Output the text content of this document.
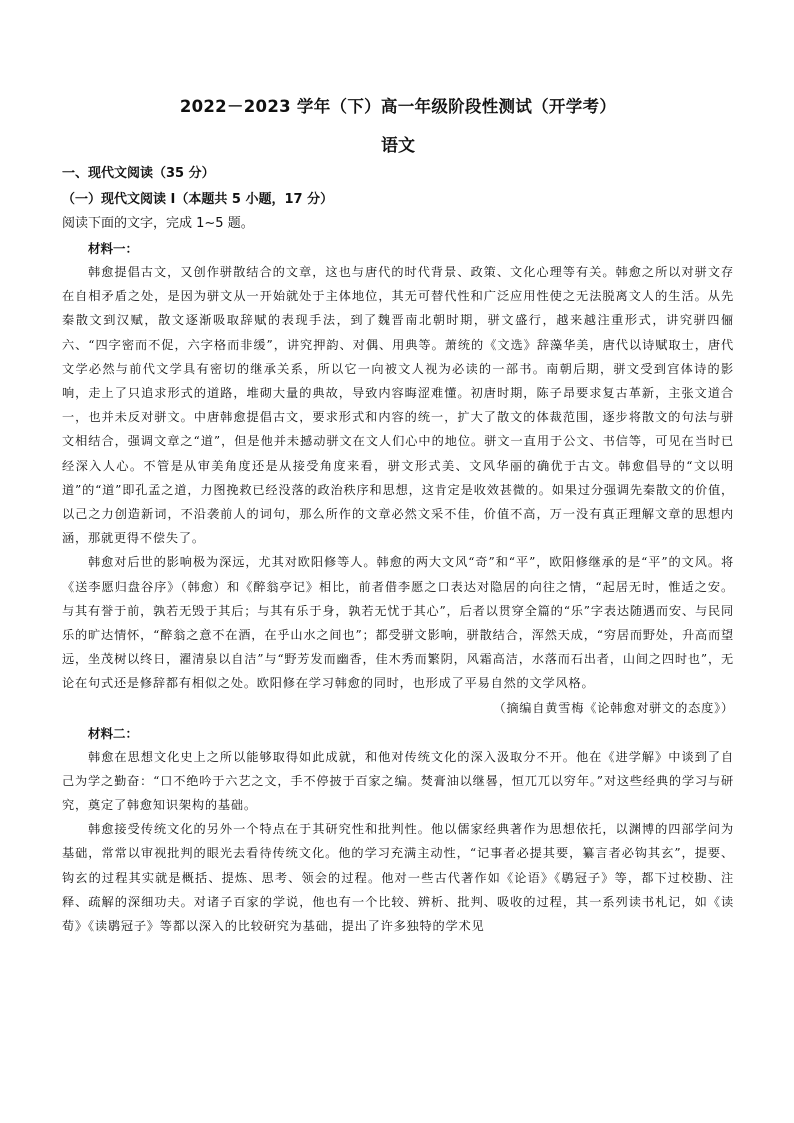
2022－2023 学年（下）高一年级阶段性测试（开学考）
语文
一、现代文阅读（35 分）
（一）现代文阅读 I（本题共 5 小题，17 分）
阅读下面的文字，完成 1~5 题。
材料一：

韩愈提倡古文，又创作骈散结合的文章，这也与唐代的时代背景、政策、文化心理等有关。韩愈之所以对骈文存在自相矛盾之处，是因为骈文从一开始就处于主体地位，其无可替代性和广泛应用性使之无法脱离文人的生活。从先秦散文到汉赋，散文逐渐吸取辞赋的表现手法，到了魏晋南北朝时期，骈文盛行，越来越注重形式，讲究骈四俪六、“四字密而不促，六字格而非缓”，讲究押韵、对偶、用典等。萧统的《文选》辞藻华美，唐代以诗赋取士，唐代文学必然与前代文学具有密切的继承关系，所以它一向被文人视为必读的一部书。南朝后期，骈文受到宫体诗的影响，走上了只追求形式的道路，堆砌大量的典故，导致内容晦涩难懂。初唐时期，陈子昂要求复古革新，主张文道合一，也并未反对骈文。中唐韩愈提倡古文，要求形式和内容的统一，扩大了散文的体裁范围，逐步将散文的句法与骈文相结合，强调文章之“道”，但是他并未撼动骈文在文人们心中的地位。骈文一直用于公文、书信等，可见在当时已经深入人心。不管是从审美角度还是从接受角度来看，骈文形式美、文风华丽的确优于古文。韩愈倡导的“文以明道”的“道”即孔孟之道，力图挽救已经没落的政治秩序和思想，这肯定是收效甚微的。如果过分强调先秦散文的价值，以己之力创造新词，不沿袭前人的词句，那么所作的文章必然文采不佳，价值不高，万一没有真正理解文章的思想内涵，那就更得不偿失了。

韩愈对后世的影响极为深远，尤其对欧阳修等人。韩愈的两大文风“奇”和“平”，欧阳修继承的是“平”的文风。将《送李愿归盘谷序》（韩愈）和《醉翁亭记》相比，前者借李愿之口表达对隐居的向往之情，“起居无时，惟适之安。与其有誉于前，孰若无毁于其后；与其有乐于身，孰若无忧于其心”，后者以贯穿全篇的“乐”字表达随遇而安、与民同乐的旷达情怀，“醉翁之意不在酒，在乎山水之间也”；都受骈文影响，骈散结合，浑然天成，“穷居而野处，升高而望远，坐茂树以终日，濯清泉以自洁”与“野芳发而幽香，佳木秀而繁阴，风霜高洁，水落而石出者，山间之四时也”，无论在句式还是修辞都有相似之处。欧阳修在学习韩愈的同时，也形成了平易自然的文学风格。

（摘编自黄雪梅《论韩愈对骈文的态度》）

材料二：

韩愈在思想文化史上之所以能够取得如此成就，和他对传统文化的深入汲取分不开。他在《进学解》中谈到了自己为学之勤奋：“口不绝吟于六艺之文，手不停披于百家之编。焚膏油以继晷，恒兀兀以穷年。”对这些经典的学习与研究，奠定了韩愈知识架构的基础。

韩愈接受传统文化的另外一个特点在于其研究性和批判性。他以儒家经典著作为思想依托，以渊博的四部学问为基础，常常以审视批判的眼光去看待传统文化。他的学习充满主动性，“记事者必提其要，纂言者必钩其玄”，提要、钩玄的过程其实就是概括、提炼、思考、领会的过程。他对一些古代著作如《论语》《鹖冠子》等，都下过校勘、注释、疏解的深细功夫。对诸子百家的学说，他也有一个比较、辨析、批判、吸收的过程，其一系列读书札记，如《读荀》《读鹖冠子》等都以深入的比较研究为基础，提出了许多独特的学术见
